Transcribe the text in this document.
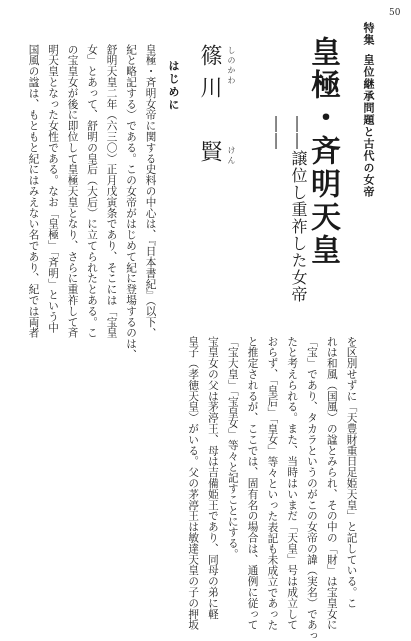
50
特集皇位継承問題と古代の女帝
皇極・斉明天皇
――譲位し重祚した女帝――
篠川　賢 しのかわ
けん
はじめに
皇極・斉明女帝に関する史料の中心は、『日本書紀』（以下、
紀と略記する）である。この女帝がはじめて紀に登場するのは、
舒明天皇二年（六三〇）正月戊寅条であり、そこには「宝皇
女」とあって、舒明の皇后（大后）に立てられたとある。こ
の宝皇女が後に即位して皇極天皇となり、さらに重祚して斉
明天皇となった女性である。なお「皇極」「斉明」という中
国風の諡は、もともと紀にはみえない名であり、紀では両者
を区別せずに「天豊財重日足姫天皇」と記している。こ
れは和風（国風）の諡とみられ、その中の「財」は宝皇女に
「宝」であり、タカラというのがこの女帝の諱（実名）であっ
たと考えられる。また、当時はいまだ「天皇」号は成立して
おらず、「皇后」「皇女」等々といった表記も未成立であった
と推定されるが、ここでは、固有名の場合は、通例に従って
「宝大皇」「宝皇女」等々と記すことにする。
宝皇女の父は茅渟王、母は吉備姫王であり、同母の弟に軽
皇子（孝徳天皇）がいる。父の茅渟王は敏達天皇の子の押坂
